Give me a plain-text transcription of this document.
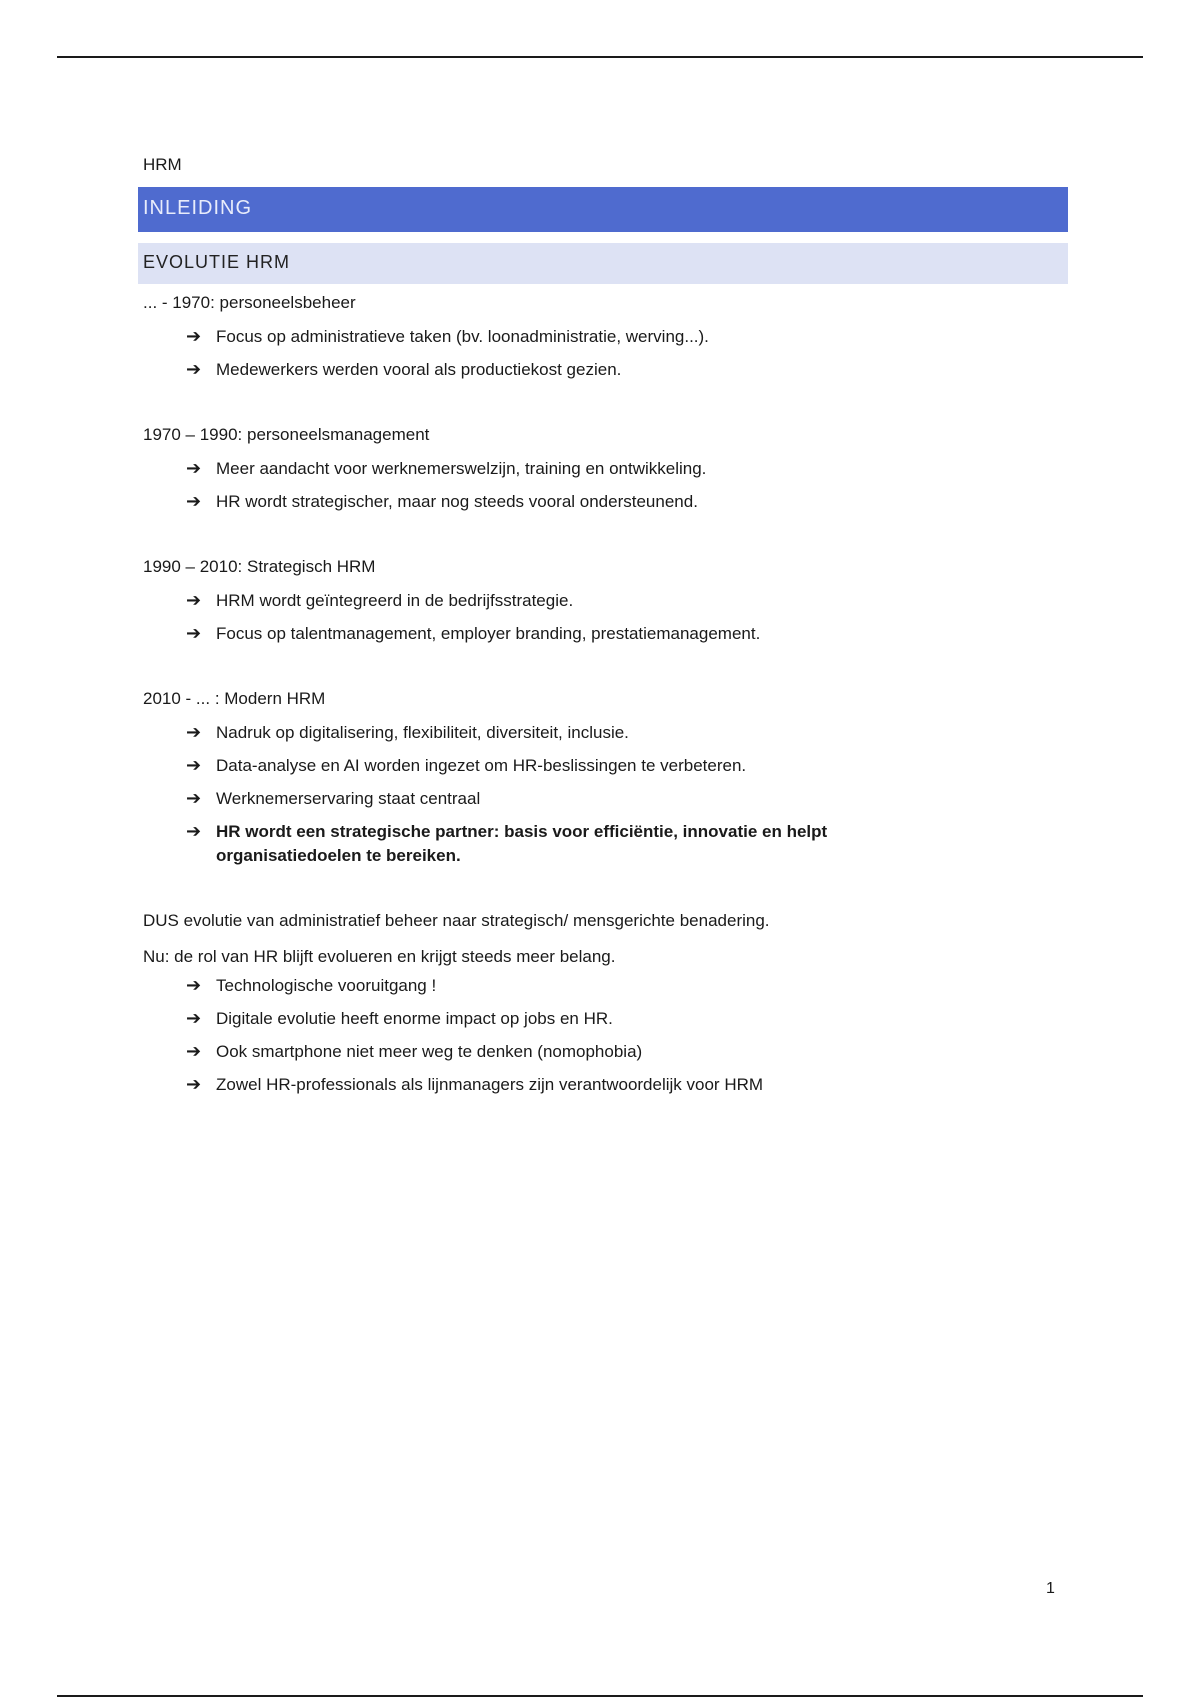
HRM
INLEIDING
EVOLUTIE HRM
... - 1970: personeelsbeheer
➔ Focus op administratieve taken (bv. loonadministratie, werving...).
➔ Medewerkers werden vooral als productiekost gezien.
1970 – 1990: personeelsmanagement
➔ Meer aandacht voor werknemerswelzijn, training en ontwikkeling.
➔ HR wordt strategischer, maar nog steeds vooral ondersteunend.
1990 – 2010: Strategisch HRM
➔ HRM wordt geïntegreerd in de bedrijfsstrategie.
➔ Focus op talentmanagement, employer branding, prestatiemanagement.
2010 - ... : Modern HRM
➔ Nadruk op digitalisering, flexibiliteit, diversiteit, inclusie.
➔ Data-analyse en AI worden ingezet om HR-beslissingen te verbeteren.
➔ Werknemerservaring staat centraal
➔ HR wordt een strategische partner: basis voor efficiëntie, innovatie en helpt organisatiedoelen te bereiken.
DUS evolutie van administratief beheer naar strategisch/ mensgerichte benadering.
Nu: de rol van HR blijft evolueren en krijgt steeds meer belang.
➔ Technologische vooruitgang !
➔ Digitale evolutie heeft enorme impact op jobs en HR.
➔ Ook smartphone niet meer weg te denken (nomophobia)
➔ Zowel HR-professionals als lijnmanagers zijn verantwoordelijk voor HRM
1
